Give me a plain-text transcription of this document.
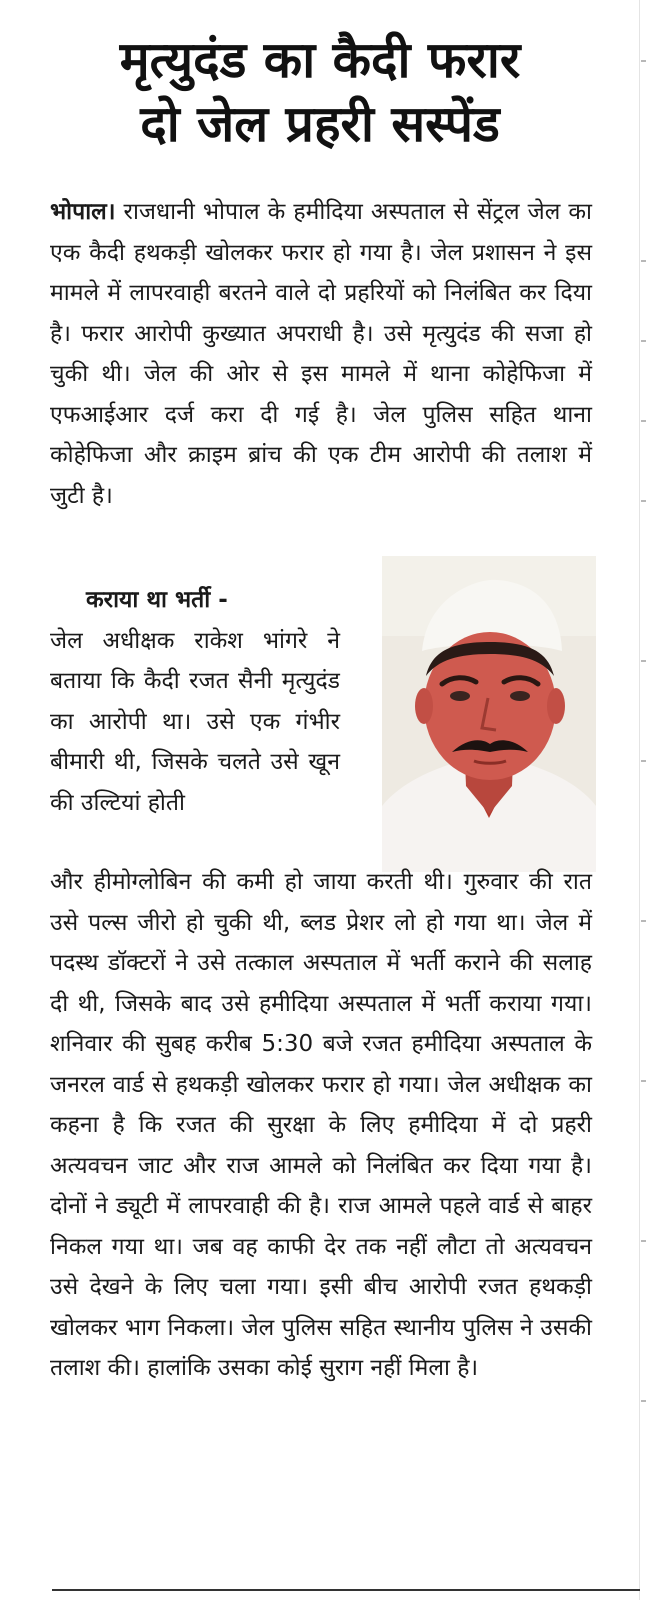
मृत्युदंड का कैदी फरार
दो जेल प्रहरी सस्पेंड
भोपाल। राजधानी भोपाल के हमीदिया अस्पताल से सेंट्रल जेल का एक कैदी हथकड़ी खोलकर फरार हो गया है। जेल प्रशासन ने इस मामले में लापरवाही बरतने वाले दो प्रहरियों को निलंबित कर दिया है। फरार आरोपी कुख्यात अपराधी है। उसे मृत्युदंड की सजा हो चुकी थी। जेल की ओर से इस मामले में थाना कोहेफिजा में एफआईआर दर्ज करा दी गई है। जेल पुलिस सहित थाना कोहेफिजा और क्राइम ब्रांच की एक टीम आरोपी की तलाश में जुटी है।
कराया था भर्ती -
जेल अधीक्षक राकेश भांगरे ने बताया कि कैदी रजत सैनी मृत्युदंड का आरोपी था। उसे एक गंभीर बीमारी थी, जिसके चलते उसे खून की उल्टियां होती
और हीमोग्लोबिन की कमी हो जाया करती थी। गुरुवार की रात उसे पल्स जीरो हो चुकी थी, ब्लड प्रेशर लो हो गया था। जेल में पदस्थ डॉक्टरों ने उसे तत्काल अस्पताल में भर्ती कराने की सलाह दी थी, जिसके बाद उसे हमीदिया अस्पताल में भर्ती कराया गया। शनिवार की सुबह करीब 5:30 बजे रजत हमीदिया अस्पताल के जनरल वार्ड से हथकड़ी खोलकर फरार हो गया। जेल अधीक्षक का कहना है कि रजत की सुरक्षा के लिए हमीदिया में दो प्रहरी अत्यवचन जाट और राज आमले को निलंबित कर दिया गया है। दोनों ने ड्यूटी में लापरवाही की है। राज आमले पहले वार्ड से बाहर निकल गया था। जब वह काफी देर तक नहीं लौटा तो अत्यवचन उसे देखने के लिए चला गया। इसी बीच आरोपी रजत हथकड़ी खोलकर भाग निकला। जेल पुलिस सहित स्थानीय पुलिस ने उसकी तलाश की। हालांकि उसका कोई सुराग नहीं मिला है।
